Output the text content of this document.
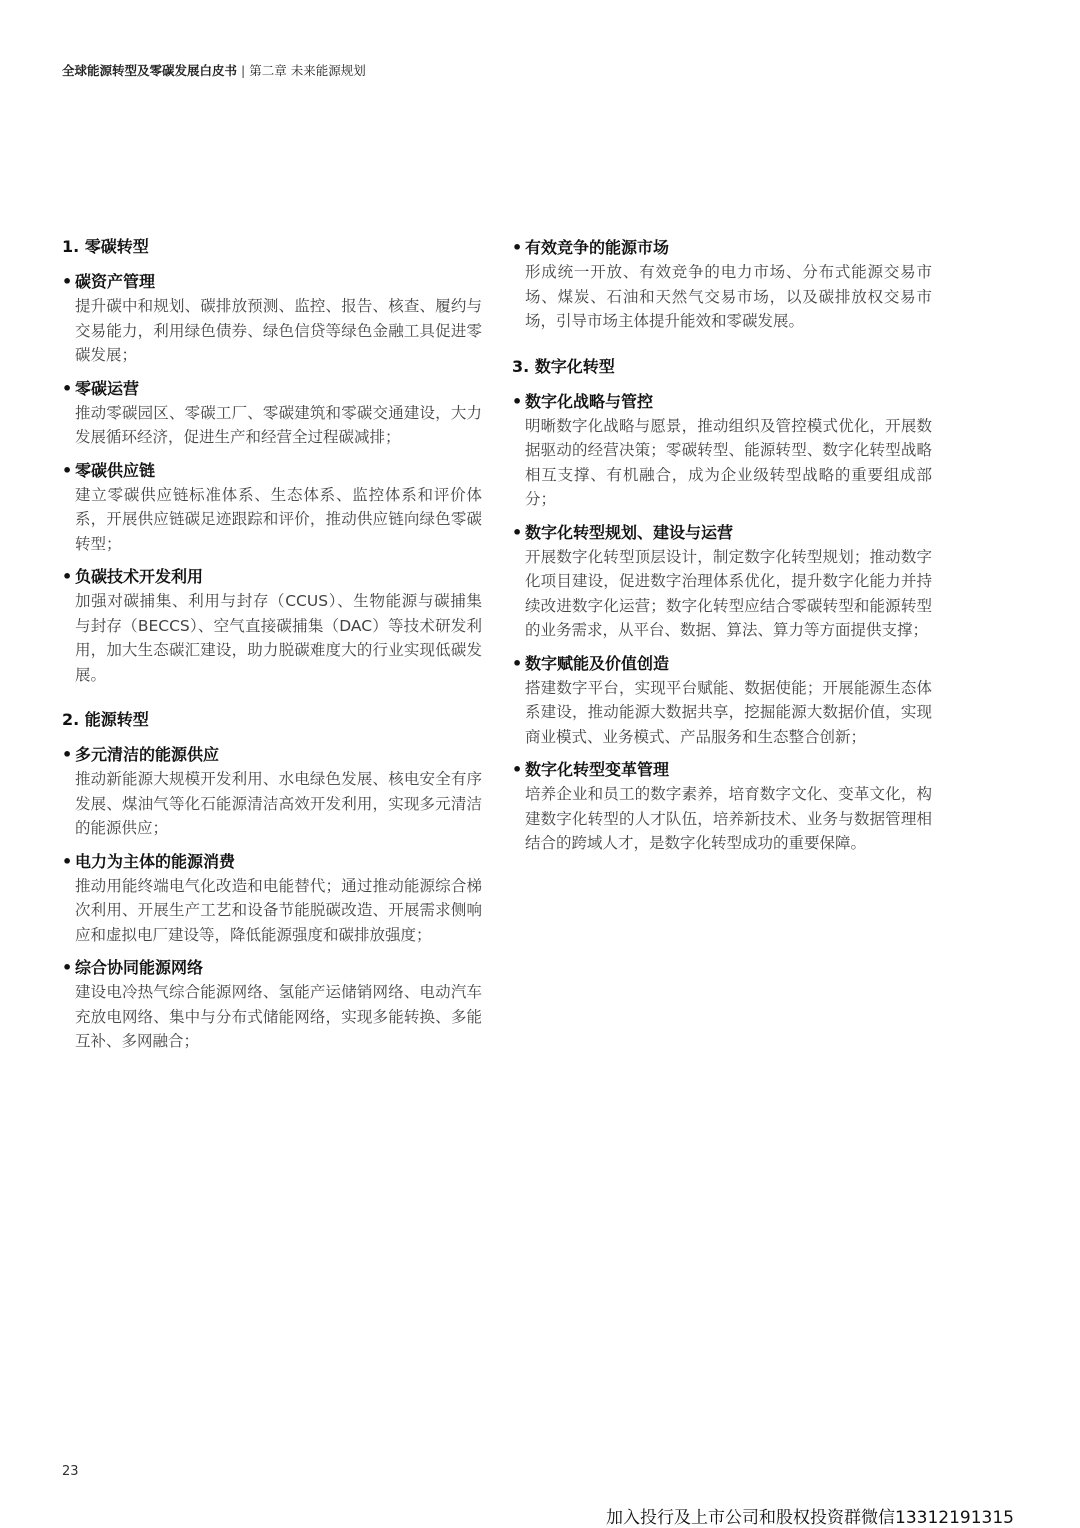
全球能源转型及零碳发展白皮书 | 第二章 未来能源规划
1. 零碳转型
• 碳资产管理
提升碳中和规划、碳排放预测、监控、报告、核查、履约与交易能力，利用绿色债券、绿色信贷等绿色金融工具促进零碳发展；
• 零碳运营
推动零碳园区、零碳工厂、零碳建筑和零碳交通建设，大力发展循环经济，促进生产和经营全过程碳减排；
• 零碳供应链
建立零碳供应链标准体系、生态体系、监控体系和评价体系，开展供应链碳足迹跟踪和评价，推动供应链向绿色零碳转型；
• 负碳技术开发利用
加强对碳捕集、利用与封存（CCUS）、生物能源与碳捕集与封存（BECCS）、空气直接碳捕集（DAC）等技术研发利用，加大生态碳汇建设，助力脱碳难度大的行业实现低碳发展。
2. 能源转型
• 多元清洁的能源供应
推动新能源大规模开发利用、水电绿色发展、核电安全有序发展、煤油气等化石能源清洁高效开发利用，实现多元清洁的能源供应；
• 电力为主体的能源消费
推动用能终端电气化改造和电能替代；通过推动能源综合梯次利用、开展生产工艺和设备节能脱碳改造、开展需求侧响应和虚拟电厂建设等，降低能源强度和碳排放强度；
• 综合协同能源网络
建设电冷热气综合能源网络、氢能产运储销网络、电动汽车充放电网络、集中与分布式储能网络，实现多能转换、多能互补、多网融合；
• 有效竞争的能源市场
形成统一开放、有效竞争的电力市场、分布式能源交易市场、煤炭、石油和天然气交易市场，以及碳排放权交易市场，引导市场主体提升能效和零碳发展。
3. 数字化转型
• 数字化战略与管控
明晰数字化战略与愿景，推动组织及管控模式优化，开展数据驱动的经营决策；零碳转型、能源转型、数字化转型战略相互支撑、有机融合，成为企业级转型战略的重要组成部分；
• 数字化转型规划、建设与运营
开展数字化转型顶层设计，制定数字化转型规划；推动数字化项目建设，促进数字治理体系优化，提升数字化能力并持续改进数字化运营；数字化转型应结合零碳转型和能源转型的业务需求，从平台、数据、算法、算力等方面提供支撑；
• 数字赋能及价值创造
搭建数字平台，实现平台赋能、数据使能；开展能源生态体系建设，推动能源大数据共享，挖掘能源大数据价值，实现商业模式、业务模式、产品服务和生态整合创新；
• 数字化转型变革管理
培养企业和员工的数字素养，培育数字文化、变革文化，构建数字化转型的人才队伍，培养新技术、业务与数据管理相结合的跨域人才，是数字化转型成功的重要保障。
23
加入投行及上市公司和股权投资群微信13312191315
